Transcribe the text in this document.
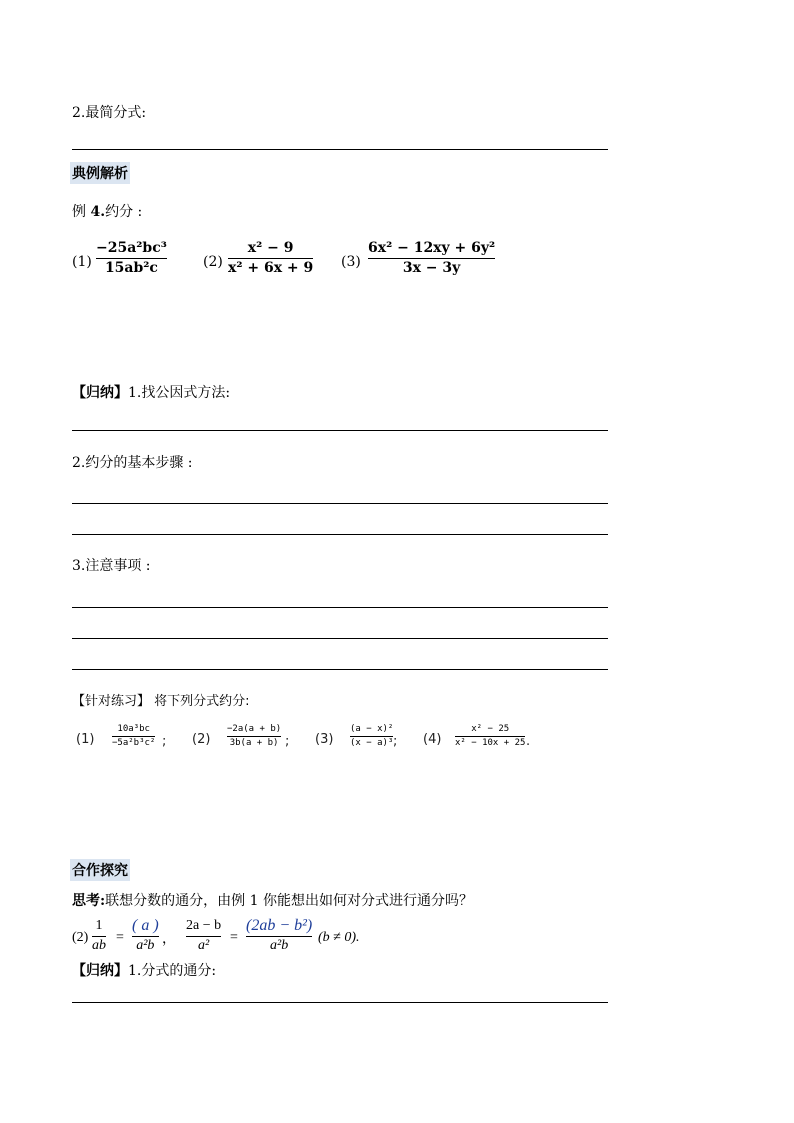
2.最简分式:
典例解析
例 4.约分 :
(1)
−25a²bc³
15ab²c	(2)
x² − 9
x² + 6x + 9 (3)
6x² − 12xy + 6y²
3x − 3y
【归纳】1.找公因式方法:
2.约分的基本步骤 :
3.注意事项 :
【针对练习】 将下列分式约分:
(1)
10a³bc
−5a²b³c² ; (2)
−2a(a + b)
3b(a + b) ; (3)
(a − x)²
(x − a)³ ; (4)
x² − 25
x² − 10x + 25 .
合作探究
思考:联想分数的通分，由例 1 你能想出如何对分式进行通分吗？
(2)
1
ab
=
( a )
a²b ，
2a − b
a²
=
(2ab − b²)
a²b
(b ≠ 0).
【归纳】1.分式的通分:
